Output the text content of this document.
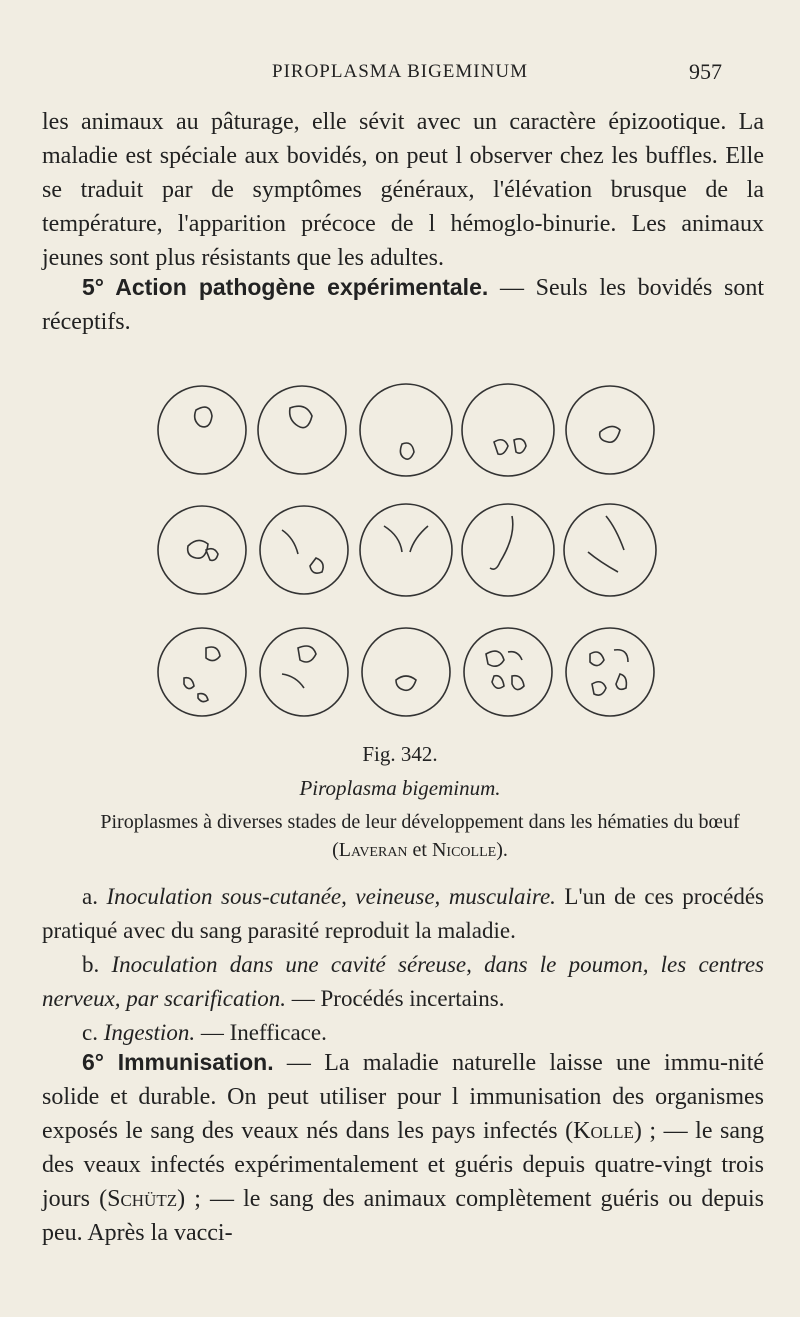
PIROPLASMA BIGEMINUM	957

les animaux au pâturage, elle sévit avec un caractère épizootique. La maladie est spéciale aux bovidés, on peut l observer chez les buffles. Elle se traduit par de symptômes généraux, l'élévation brusque de la température, l'apparition précoce de l hémoglo-binurie. Les animaux jeunes sont plus résistants que les adultes.

5° Action pathogène expérimentale. — Seuls les bovidés sont réceptifs.

Fig. 342.
Piroplasma bigeminum.
Piroplasmes à diverses stades de leur développement dans les hématies du bœuf (Laveran et Nicolle).

a. Inoculation sous-cutanée, veineuse, musculaire. L'un de ces procédés pratiqué avec du sang parasité reproduit la maladie.

b. Inoculation dans une cavité séreuse, dans le poumon, les centres nerveux, par scarification. — Procédés incertains.

c. Ingestion. — Inefficace.

6° Immunisation. — La maladie naturelle laisse une immu-nité solide et durable. On peut utiliser pour l immunisation des organismes exposés le sang des veaux nés dans les pays infectés (Kolle) ; — le sang des veaux infectés expérimentalement et guéris depuis quatre-vingt trois jours (Schütz) ; — le sang des animaux complètement guéris ou depuis peu. Après la vacci-
